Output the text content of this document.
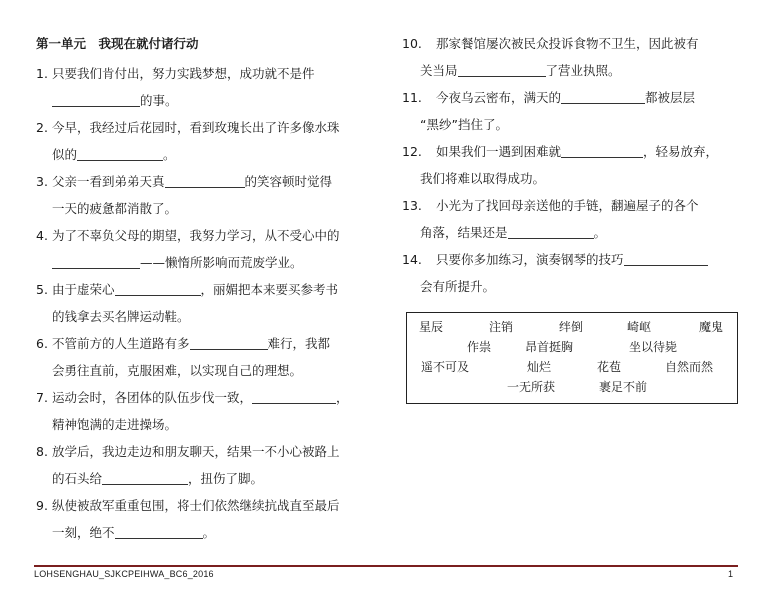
第一单元　我现在就付诸行动
1. 只要我们肯付出，努力实践梦想，成功就不是件
的事。
2. 今早，我经过后花园时，看到玫瑰长出了许多像水珠
似的	。
3. 父亲一看到弟弟天真	的笑容顿时觉得
一天的疲惫都消散了。
4. 为了不辜负父母的期望，我努力学习，从不受心中的
——懒惰所影响而荒废学业。
5. 由于虚荣心	，丽媚把本来要买参考书
的钱拿去买名牌运动鞋。
6. 不管前方的人生道路有多	难行，我都
会勇往直前，克服困难，以实现自己的理想。
7. 运动会时，各团体的队伍步伐一致，	，
精神饱满的走进操场。
8. 放学后，我边走边和朋友聊天，结果一不小心被路上
的石头给	，扭伤了脚。
9. 纵使被敌军重重包围，将士们依然继续抗战直至最后
一刻，绝不	。
10. 那家餐馆屡次被民众投诉食物不卫生，因此被有
关当局	了营业执照。
11. 今夜乌云密布，满天的	都被层层
“黑纱”挡住了。
12. 如果我们一遇到困难就	，轻易放弃，
我们将难以取得成功。
13. 小光为了找回母亲送他的手链，翻遍屋子的各个
角落，结果还是	。
14. 只要你多加练习，演奏钢琴的技巧
会有所提升。
星辰	注销	绊倒	崎岖	魔鬼
作祟	昂首挺胸	坐以待毙
遥不可及	灿烂	花苞	自然而然
一无所获	裹足不前
LOHSENGHAU_SJKCPEIHWA_BC6_2016	1
